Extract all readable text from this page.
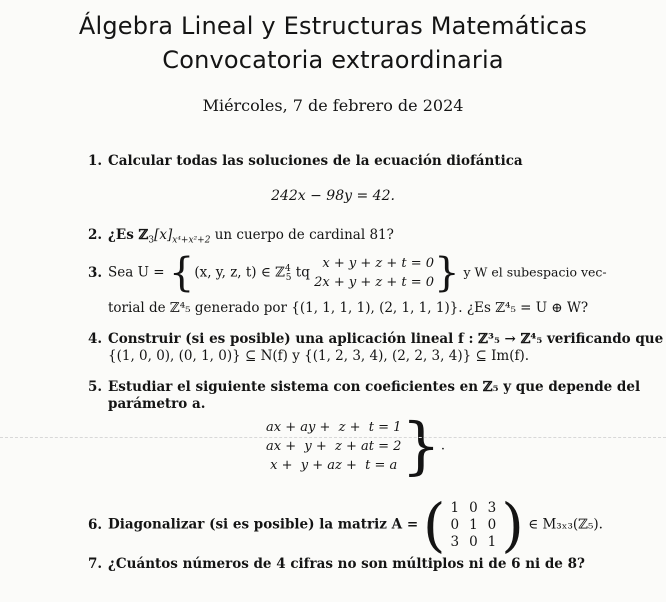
Álgebra Lineal y Estructuras Matemáticas
Convocatoria extraordinaria
Miércoles, 7 de febrero de 2024
1. Calcular todas las soluciones de la ecuación diofántica
242x − 98y = 42.
2. ¿Es $ℤ_3[x]_{x^4+x^2+2}$ un cuerpo de cardinal 81?
3. Sea U = {(x, y, z, t) ∈ ℤ$^4_5$ tq
x + y + z + t = 0
2x + y + z + t = 0 } y W el subespacio vec-
torial de ℤ⁴₅ generado por {(1, 1, 1, 1), (2, 1, 1, 1)}. ¿Es ℤ⁴₅ = U ⊕ W?
4. Construir (si es posible) una aplicación lineal f : ℤ³₅ → ℤ⁴₅ verificando que
{(1, 0, 0), (0, 1, 0)} ⊆ N(f) y {(1, 2, 3, 4), (2, 2, 3, 4)} ⊆ Im(f).
5. Estudiar el siguiente sistema con coeficientes en ℤ₅ y que depende del
parámetro a.
ax + ay +  z +  t = 1
ax +  y +  z + at = 2
x +  y + az +  t = a }.
6. Diagonalizar (si es posible) la matriz A = ( 1	0	3
0	1	0
3	0	1 ) ∈ M₃ₓ₃(ℤ₅).
7. ¿Cuántos números de 4 cifras no son múltiplos ni de 6 ni de 8?
